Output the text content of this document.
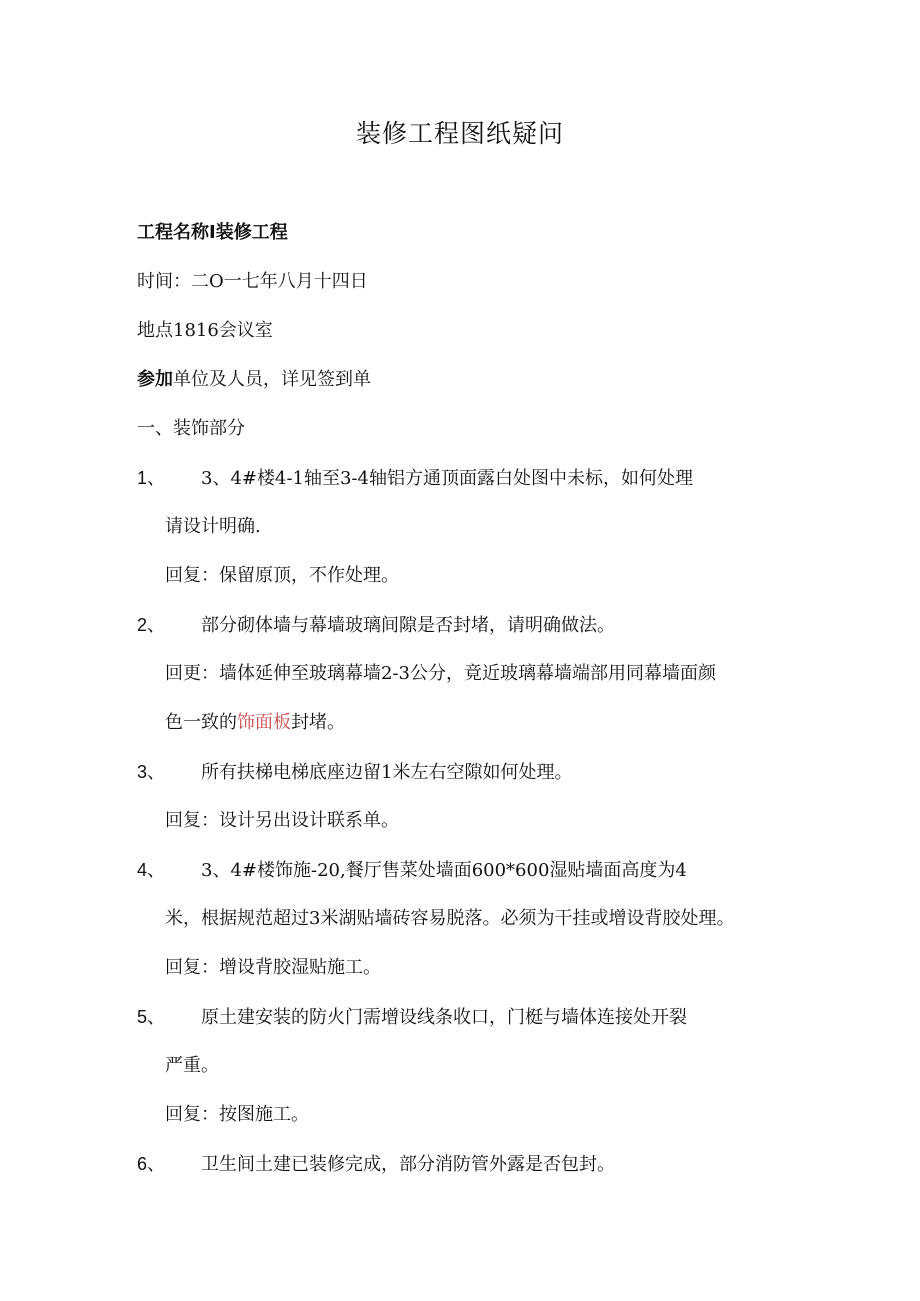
装修工程图纸疑问
工程名称I装修工程
时间：二O一七年八月十四日
地点1816会议室
参加单位及人员，详见签到单
一、装饰部分
1、 3、4#楼4-1轴至3-4轴铝方通顶面露白处图中未标，如何处理
请设计明确.
回复：保留原顶，不作处理。
2、 部分砌体墙与幕墙玻璃间隙是否封堵，请明确做法。
回更：墙体延伸至玻璃幕墙2-3公分，竟近玻璃幕墙端部用同幕墙面颜
色一致的饰面板封堵。
3、 所有扶梯电梯底座边留1米左右空隙如何处理。
回复：设计另出设计联系单。
4、 3、4#楼饰施-20,餐厅售菜处墙面600*600湿贴墙面高度为4
米，根据规范超过3米湖贴墙砖容易脱落。必须为干挂或增设背胶处理。
回复：增设背胶湿贴施工。
5、 原土建安装的防火门需增设线条收口，门梃与墙体连接处开裂
严重。
回复：按图施工。
6、 卫生间土建已装修完成，部分消防管外露是否包封。
